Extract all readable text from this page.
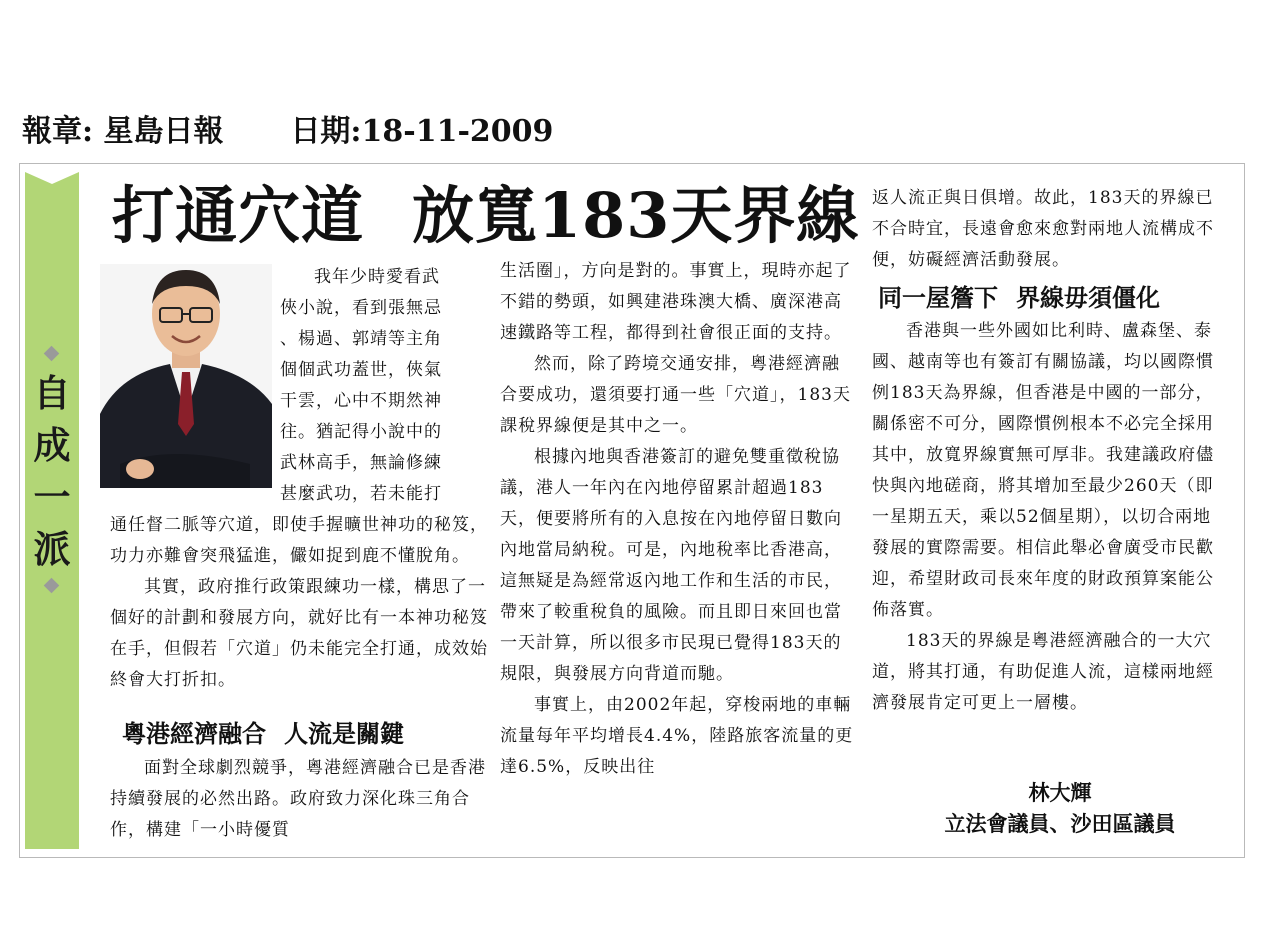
報章: 星島日報 日期:18-11-2009
自
成
一
派
打通穴道 放寬183天界線

我年少時愛看武

俠小說，看到張無忌

、楊過、郭靖等主角

個個武功蓋世，俠氣

干雲，心中不期然神

往。猶記得小說中的

武林高手，無論修練

甚麼武功，若未能打

通任督二脈等穴道，即使手握曠世神功的秘笈，功力亦難會突飛猛進，儼如捉到鹿不懂脫角。

其實，政府推行政策跟練功一樣，構思了一個好的計劃和發展方向，就好比有一本神功秘笈在手，但假若「穴道」仍未能完全打通，成效始終會大打折扣。

粵港經濟融合 人流是關鍵

面對全球劇烈競爭，粵港經濟融合已是香港持續發展的必然出路。政府致力深化珠三角合作，構建「一小時優質

生活圈」，方向是對的。事實上，現時亦起了不錯的勢頭，如興建港珠澳大橋、廣深港高速鐵路等工程，都得到社會很正面的支持。

然而，除了跨境交通安排，粵港經濟融合要成功，還須要打通一些「穴道」，183天課稅界線便是其中之一。

根據內地與香港簽訂的避免雙重徵稅協議，港人一年內在內地停留累計超過183天，便要將所有的入息按在內地停留日數向內地當局納稅。可是，內地稅率比香港高，這無疑是為經常返內地工作和生活的市民，帶來了較重稅負的風險。而且即日來回也當一天計算，所以很多市民現已覺得183天的規限，與發展方向背道而馳。

事實上，由2002年起，穿梭兩地的車輛流量每年平均增長4.4%，陸路旅客流量的更達6.5%，反映出往

返人流正與日俱增。故此，183天的界線已不合時宜，長遠會愈來愈對兩地人流構成不便，妨礙經濟活動發展。

同一屋簷下 界線毋須僵化

香港與一些外國如比利時、盧森堡、泰國、越南等也有簽訂有關協議，均以國際慣例183天為界線，但香港是中國的一部分，關係密不可分，國際慣例根本不必完全採用其中，放寬界線實無可厚非。我建議政府儘快與內地磋商，將其增加至最少260天（即一星期五天，乘以52個星期），以切合兩地發展的實際需要。相信此舉必會廣受市民歡迎，希望財政司長來年度的財政預算案能公佈落實。

183天的界線是粵港經濟融合的一大穴道，將其打通，有助促進人流，這樣兩地經濟發展肯定可更上一層樓。

林大輝
立法會議員、沙田區議員
